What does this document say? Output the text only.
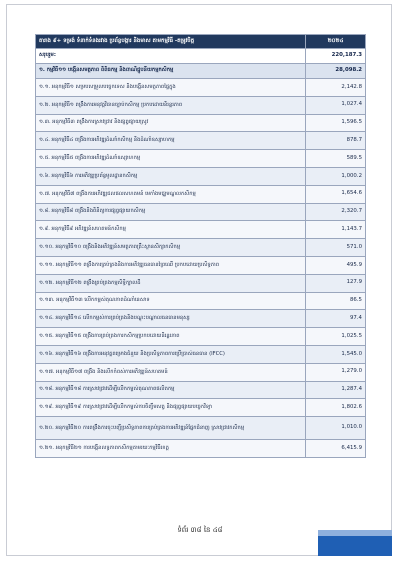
តារាង ៩+ ទម្រង់ ទំនាក់ទំនងរវាង ប្រព័ន្ធបង្ការ និងមាស តាមកម្មវិធី -តម្រូវចិត្ត	២០២៤
សរុបរួម:	220,187.3
១. កម្មវិធី១១ បង្កើនសមត្ថភាព ពិពិធកម្ម និងពាណិជ្ជូបនីយកម្មកសិកម្ម	28,098.2
១.១. អនុកម្មវិធី១ សម្របសម្រួលបច្ចេកទេស និងបង្កើនសមត្ថភាពផ្ទៃក្នុង	2,142.8
១.២. អនុកម្មវិធី១ ពង្រឹងការអនុវត្តវិធានច្បាប់កសិកម្ម ប្រកបដោយនិរន្តរភាព	1,027.4
១.៣. អនុកម្មវិធី៣ ពង្រឹងការស្រាវជ្រាវ និងផ្សព្វផ្សាយស្រូវ	1,596.5
១.៤. អនុកម្មវិធី៤ ពង្រឹងការអភិវឌ្ឍដំណាំកសិកម្ម និងដំណាំឧស្សាហកម្ម	878.7
១.៥. អនុកម្មវិធី៥ ពង្រឹងការអភិវឌ្ឍដំណាំឧស្សាហកម្ម	589.5
១.៦. អនុកម្មវិធី៦ ការអភិវឌ្ឍប្រព័ន្ធមូលដ្ឋានកសិកម្ម	1,000.2
១.៧. អនុកម្មវិធី៧ ពង្រឹងការអភិវឌ្ឍជលផលសហគមន៍ មេកាំងមជ្ឈមណ្ឌលកសិកម្ម	1,654.6
១.៨. អនុកម្មវិធី៨ ពង្រឹងនិងពិនិត្យការផ្សព្វផ្សាយកសិកម្ម	2,320.7
១.៩. អនុកម្មវិធី៩ អភិវឌ្ឍន៍សហគមន៍កសិកម្ម	1,143.7
១.១០. អនុកម្មវិធី១០ ពង្រឹងនិងអភិវឌ្ឍន៍សមត្ថភាពគ្រឹះស្ថានសិក្សាកសិកម្ម	571.0
១.១១. អនុកម្មវិធី១១ ពង្រឹងការគ្រប់គ្រងនិងការអភិវឌ្ឍធនធានព្រៃឈើ ប្រកបដោយប្រសិទ្ធភាព	495.9
១.១២. អនុកម្មវិធី១២ ពង្រឹងគ្រប់គ្រងកម្មសិទ្ធិក្បាលដី	127.9
១.១៣. អនុកម្មវិធី១៣ លើកកម្ពស់គុណភាពដំណាំនេសាទ	86.5
១.១៤. អនុកម្មវិធី១៤ លើកកម្ពស់ការគ្រប់គ្រងនិងបណ្តុះបណ្តាលធនធានមនុស្ស	97.4
១.១៥. អនុកម្មវិធី១៥ ពង្រឹងការគ្រប់គ្រងការកសិកម្មប្រកបដោយនិរន្តរភាព	1,025.5
១.១៦. អនុកម្មវិធី១៦ ពង្រឹងការអនុវត្តគម្រោងជំនួយ និងប្រសិទ្ធភាពការប្រើប្រាស់ធនធាន (IFCC)	1,545.0
១.១៧. អនុកម្មវិធី១៧ ពង្រឹង និងលើកកំពស់ការអភិវឌ្ឍន៍សហគមន៍	1,279.0
១.១៨. អនុកម្មវិធី១៨ ការស្រាវជ្រាវដើម្បីលើកកម្ពស់គុណភាពផលិតកម្ម	1,287.4
១.១៩. អនុកម្មវិធី១៩ ការស្រាវជ្រាវដើម្បីលើកកម្ពស់ការចិញ្ចឹមសត្វ និងផ្សព្វផ្សាយបច្ចេកវិទ្យា	1,802.6
១.២០. អនុកម្មវិធី២០ ការពង្រឹងការចុះបញ្ជីប្រសិទ្ធភាពការគ្រប់គ្រងការអភិវឌ្ឍន៍ផ្នែកជំនាញ ស្រាវជ្រាវកសិកម្ម	1,010.0
១.២១. អនុកម្មវិធី២១ ការបង្កើនលទ្ធភាពកសិកម្មតាមរយៈកម្មវិធីខេត្ត	6,415.9
ទំព័រ ៣៨ នៃ ៤៨
